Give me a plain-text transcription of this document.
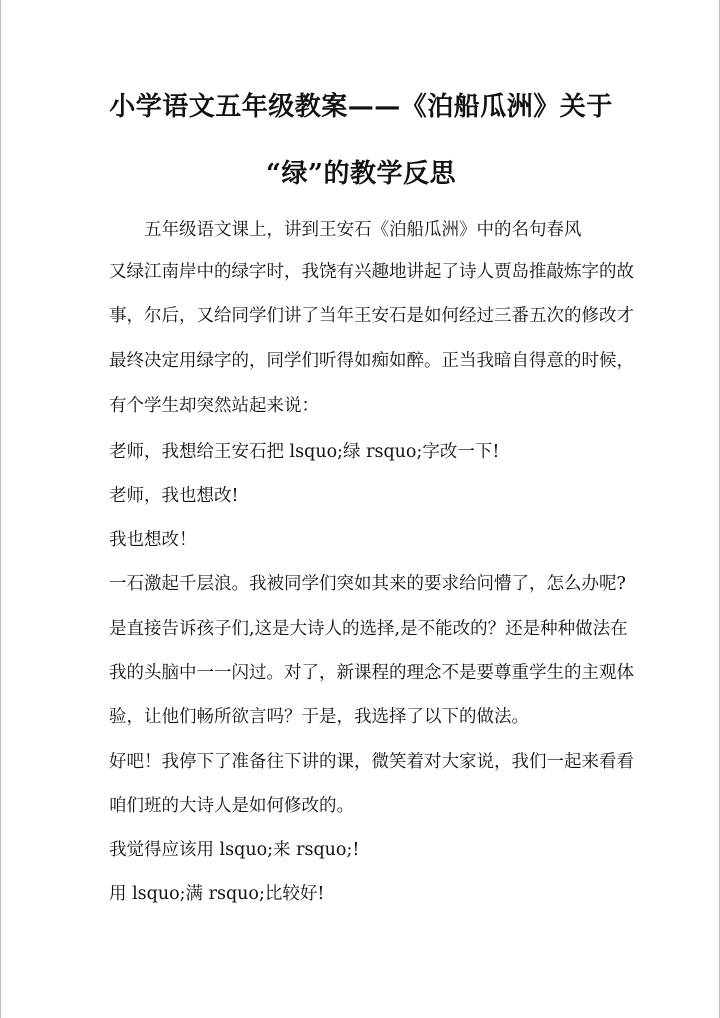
小学语文五年级教案——《泊船瓜洲》关于
“绿”的教学反思
　　五年级语文课上，讲到王安石《泊船瓜洲》中的名句春风
又绿江南岸中的绿字时，我饶有兴趣地讲起了诗人贾岛推敲炼字的故
事，尔后，又给同学们讲了当年王安石是如何经过三番五次的修改才
最终决定用绿字的，同学们听得如痴如醉。正当我暗自得意的时候，
有个学生却突然站起来说：
老师，我想给王安石把 lsquo;绿 rsquo;字改一下!
老师，我也想改!
我也想改！
一石激起千层浪。我被同学们突如其来的要求给问懵了，怎么办呢?
是直接告诉孩子们,这是大诗人的选择,是不能改的？还是种种做法在
我的头脑中一一闪过。对了，新课程的理念不是要尊重学生的主观体
验，让他们畅所欲言吗？于是，我选择了以下的做法。
好吧！我停下了准备往下讲的课，微笑着对大家说，我们一起来看看
咱们班的大诗人是如何修改的。
我觉得应该用 lsquo;来 rsquo;!
用 lsquo;满 rsquo;比较好!
